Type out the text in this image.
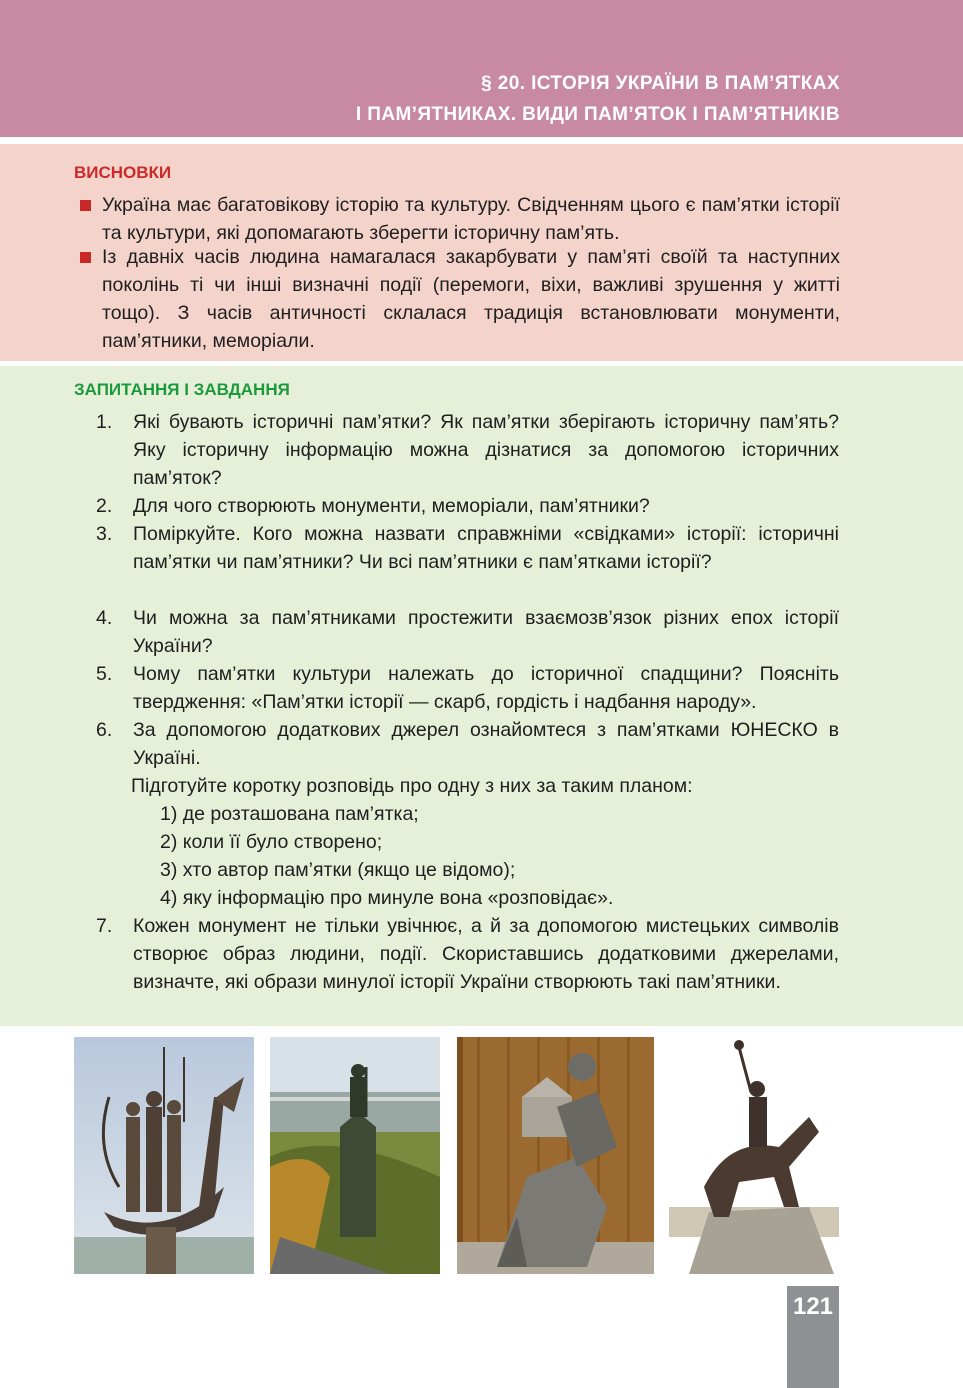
§ 20. ІСТОРІЯ УКРАЇНИ В ПАМ’ЯТКАХ
І ПАМ’ЯТНИКАХ. ВИДИ ПАМ’ЯТОК І ПАМ’ЯТНИКІВ
ВИСНОВКИ
Україна має багатовікову історію та культуру. Свідченням цього є пам’ятки історії та культури, які допомагають зберегти історичну пам’ять.
Із давніх часів людина намагалася закарбувати у пам’яті своїй та наступних поколінь ті чи інші визначні події (перемоги, віхи, важливі зрушення у житті тощо). З часів античності склалася традиція встановлювати монументи, пам’ятники, меморіали.
ЗАПИТАННЯ І ЗАВДАННЯ
1. Які бувають історичні пам’ятки? Як пам’ятки зберігають історичну пам’ять? Яку історичну інформацію можна дізнатися за допомогою історичних пам’яток?
2. Для чого створюють монументи, меморіали, пам’ятники?
3. Поміркуйте. Кого можна назвати справжніми «свідками» історії: історичні пам’ятки чи пам’ятники? Чи всі пам’ятники є пам’ятками історії?
4. Чи можна за пам’ятниками простежити взаємозв’язок різних епох історії України?
5. Чому пам’ятки культури належать до історичної спадщини? Поясніть твердження: «Пам’ятки історії — скарб, гордість і надбання народу».
6. За допомогою додаткових джерел ознайомтеся з пам’ятками ЮНЕСКО в Україні.
Підготуйте коротку розповідь про одну з них за таким планом:
1) де розташована пам’ятка;
2) коли її було створено;
3) хто автор пам’ятки (якщо це відомо);
4) яку інформацію про минуле вона «розповідає».
7. Кожен монумент не тільки увічнює, а й за допомогою мистецьких символів створює образ людини, події. Скориставшись додатковими джерелами, визначте, які образи минулої історії України створюють такі пам’ятники.
121
